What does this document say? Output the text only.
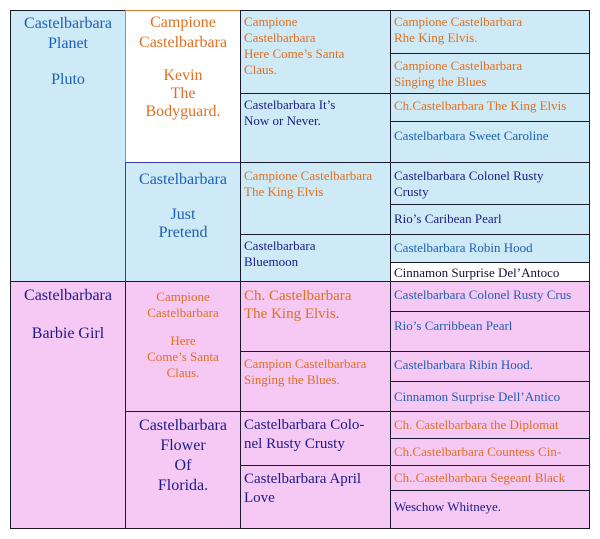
Castelbarbara
Planet
Pluto
Castelbarbara
Barbie Girl
Campione
Castelbarbara
Kevin
The
Bodyguard.
Castelbarbara
Just
Pretend
Campione
Castelbarbara
Here
Come’s Santa
Claus.
Castelbarbara
Flower
Of
Florida.
Campione
Castelbarbara
Here Come’s Santa
Claus.
Castelbarbara It’s
Now or Never.
Campione Castelbarbara
The King Elvis
Castelbarbara
Bluemoon
Ch. Castelbarbara
The King Elvis.
Campion Castelbarbara
Singing the Blues.
Castelbarbara Colo-
nel Rusty Crusty
Castelbarbara April
Love
Campione Castelbarbara
Rhe King Elvis.
Campione Castelbarbara
Singing the Blues
Ch.Castelbarbara The King Elvis
Castelbarbara Sweet Caroline
Castelbarbara Colonel Rusty
Crusty
Rio’s Caribean Pearl
Castelbarbara Robin Hood
Cinnamon Surprise Del’Antoco
Castelbarbara Colonel Rusty Crus
Rio’s Carribbean Pearl
Castelbarbara Ribin Hood.
Cinnamon Surprise Dell’Antico
Ch. Castelbarbara the Diplomat
Ch.Castelbarbara Countess Cin-
Ch..Castelbarbara Segeant Black
Weschow Whitneye.
